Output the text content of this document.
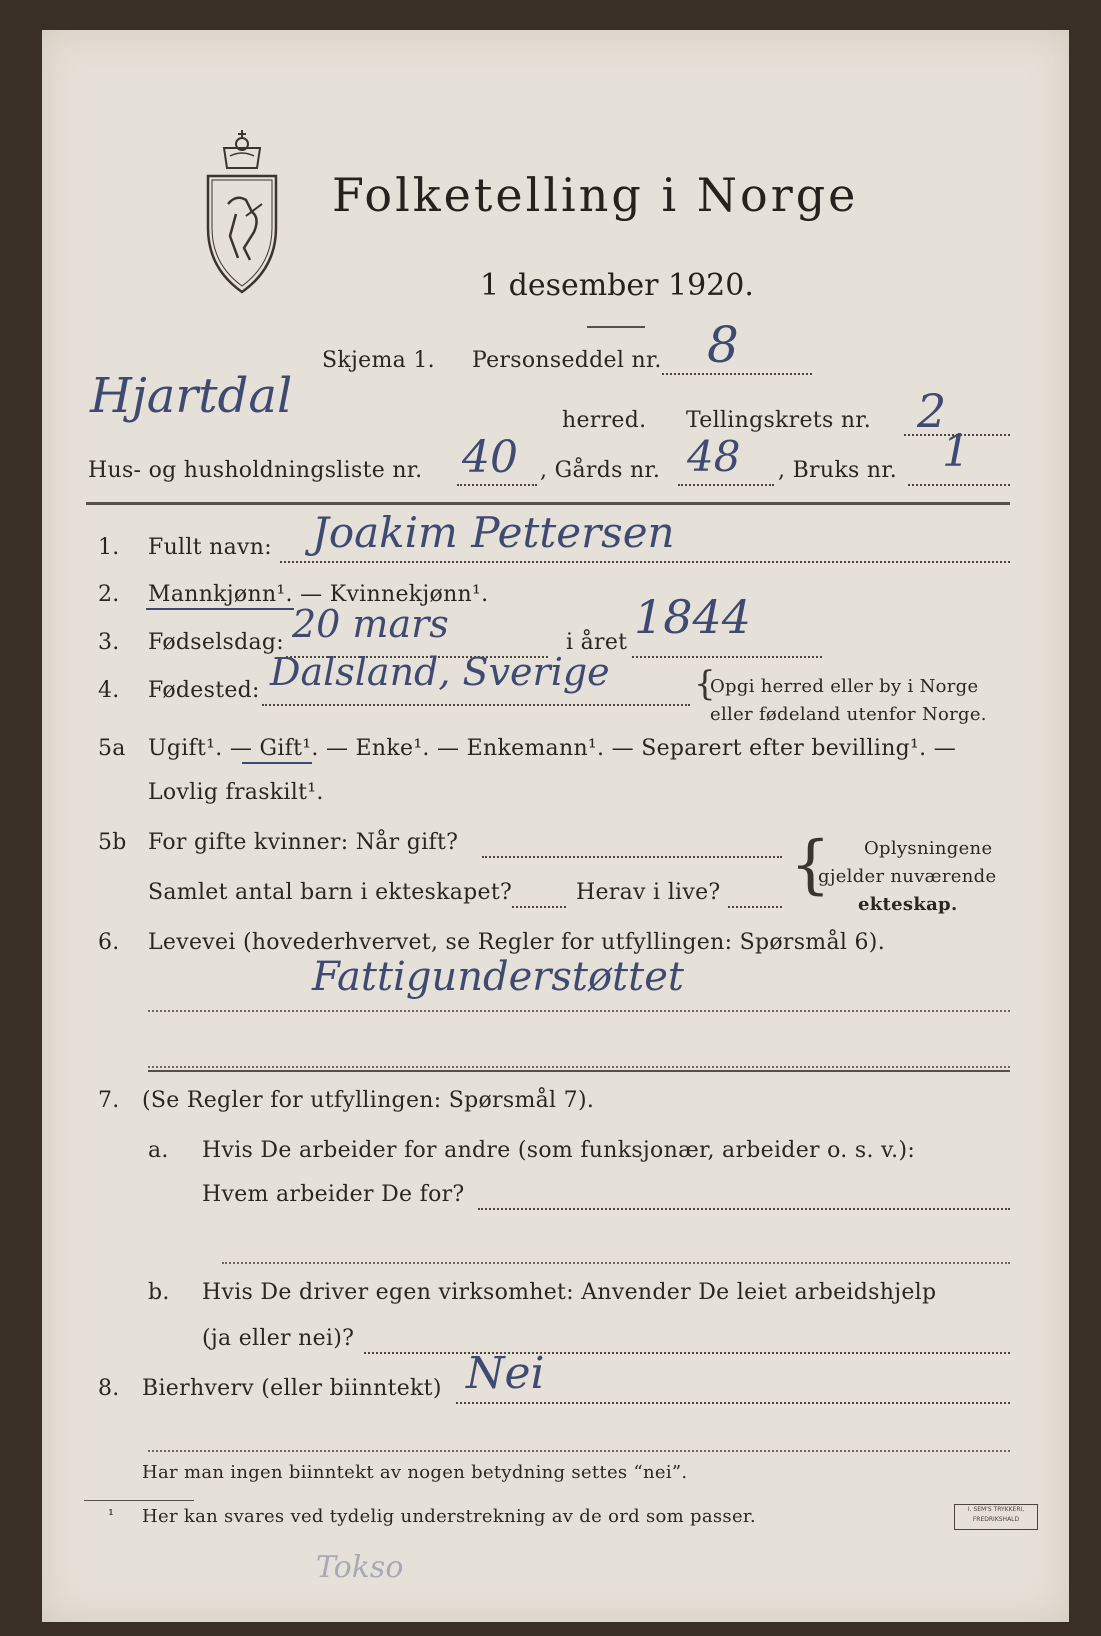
Folketelling i Norge
1 desember 1920.
Skjema 1. Personseddel nr. 8
Hjartdal	herred. Tellingskrets nr. 2
Hus- og husholdningsliste nr. 40 , Gårds nr. 48 , Bruks nr. 1
1. Fullt navn: Joakim Pettersen
2. Mannkjønn¹. — Kvinnekjønn¹.
3. Fødselsdag: 20 mars	i året 1844
4. Fødested: Dalsland, Sverige {
Opgi herred eller by i Norge
eller fødeland utenfor Norge.
5a Ugift¹. — Gift¹. — Enke¹. — Enkemann¹. — Separert efter bevilling¹. —
Lovlig fraskilt¹.
5b For gifte kvinner: Når gift?
Samlet antal barn i ekteskapet?	Herav i live? { Oplysningene
gjelder nuværende
ekteskap.
6. Levevei (hovederhvervet, se Regler for utfyllingen: Spørsmål 6).
Fattigunderstøttet
7. (Se Regler for utfyllingen: Spørsmål 7).
a. Hvis De arbeider for andre (som funksjonær, arbeider o. s. v.):
Hvem arbeider De for?
b. Hvis De driver egen virksomhet: Anvender De leiet arbeidshjelp
(ja eller nei)?
8. Bierhverv (eller biinntekt) Nei
Har man ingen biinntekt av nogen betydning settes “nei”.
¹ Her kan svares ved tydelig understrekning av de ord som passer.	I. SEM'S TRYKKERI, FREDRIKSHALD
Tokso
